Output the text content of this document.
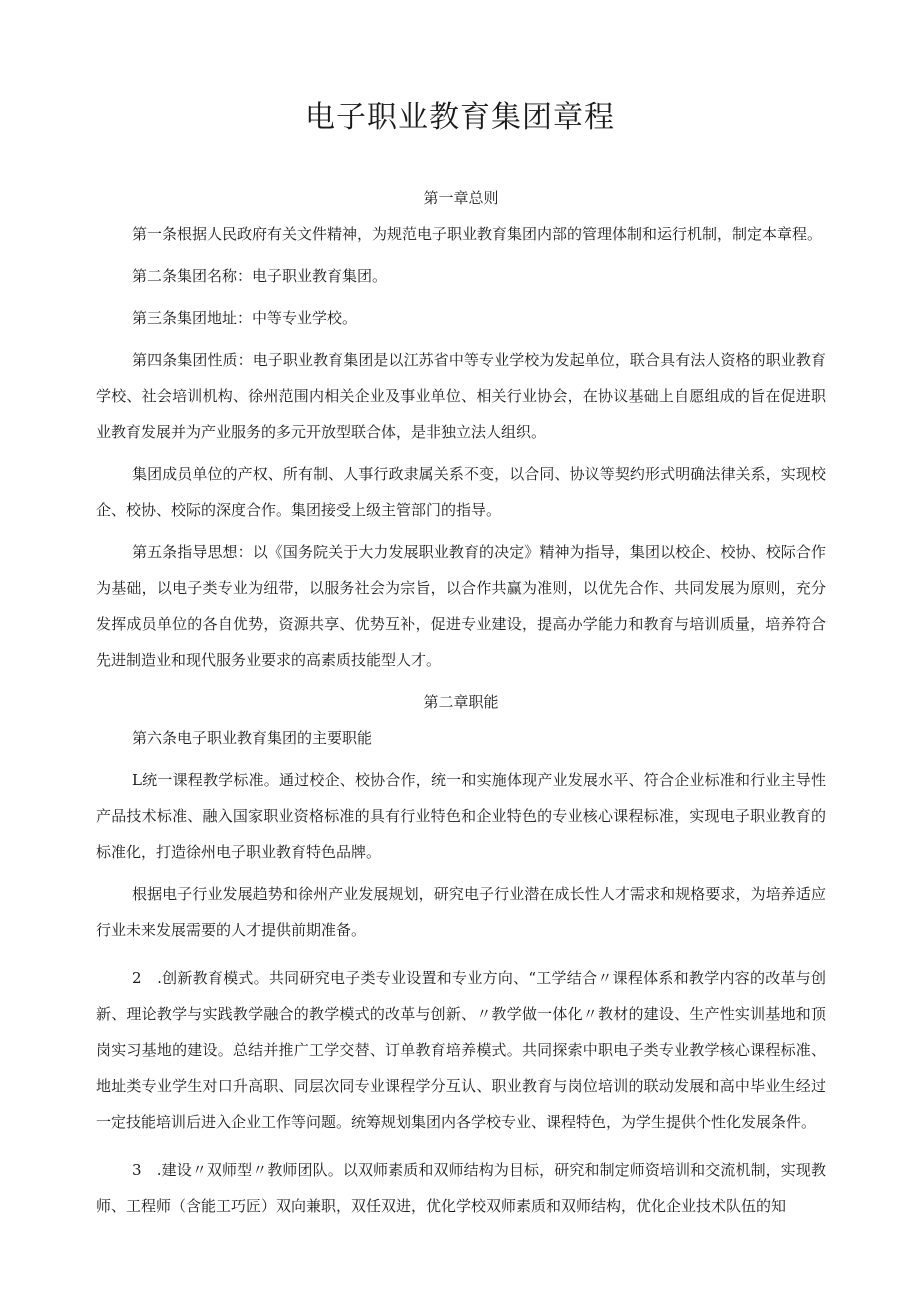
电子职业教育集团章程

第一章总则

第一条根据人民政府有关文件精神，为规范电子职业教育集团内部的管理体制和运行机制，制定本章程。

第二条集团名称：电子职业教育集团。

第三条集团地址：中等专业学校。

第四条集团性质：电子职业教育集团是以江苏省中等专业学校为发起单位，联合具有法人资格的职业教育学校、社会培训机构、徐州范围内相关企业及事业单位、相关行业协会，在协议基础上自愿组成的旨在促进职业教育发展并为产业服务的多元开放型联合体，是非独立法人组织。

集团成员单位的产权、所有制、人事行政隶属关系不变，以合同、协议等契约形式明确法律关系，实现校企、校协、校际的深度合作。集团接受上级主管部门的指导。

第五条指导思想：以《国务院关于大力发展职业教育的决定》精神为指导，集团以校企、校协、校际合作为基础，以电子类专业为纽带，以服务社会为宗旨，以合作共赢为准则，以优先合作、共同发展为原则，充分发挥成员单位的各自优势，资源共享、优势互补，促进专业建设，提高办学能力和教育与培训质量，培养符合先进制造业和现代服务业要求的高素质技能型人才。

第二章职能

第六条电子职业教育集团的主要职能

L统一课程教学标准。通过校企、校协合作，统一和实施体现产业发展水平、符合企业标准和行业主导性产品技术标准、融入国家职业资格标准的具有行业特色和企业特色的专业核心课程标准，实现电子职业教育的标准化，打造徐州电子职业教育特色品牌。

根据电子行业发展趋势和徐州产业发展规划，研究电子行业潜在成长性人才需求和规格要求，为培养适应行业未来发展需要的人才提供前期准备。

2　.创新教育模式。共同研究电子类专业设置和专业方向、“工学结合〃课程体系和教学内容的改革与创新、理论教学与实践教学融合的教学模式的改革与创新、〃教学做一体化〃教材的建设、生产性实训基地和顶岗实习基地的建设。总结并推广工学交替、订单教育培养模式。共同探索中职电子类专业教学核心课程标准、地址类专业学生对口升高职、同层次同专业课程学分互认、职业教育与岗位培训的联动发展和高中毕业生经过一定技能培训后进入企业工作等问题。统筹规划集团内各学校专业、课程特色，为学生提供个性化发展条件。

3　.建设〃双师型〃教师团队。以双师素质和双师结构为目标，研究和制定师资培训和交流机制，实现教师、工程师（含能工巧匠）双向兼职，双任双进，优化学校双师素质和双师结构，优化企业技术队伍的知
